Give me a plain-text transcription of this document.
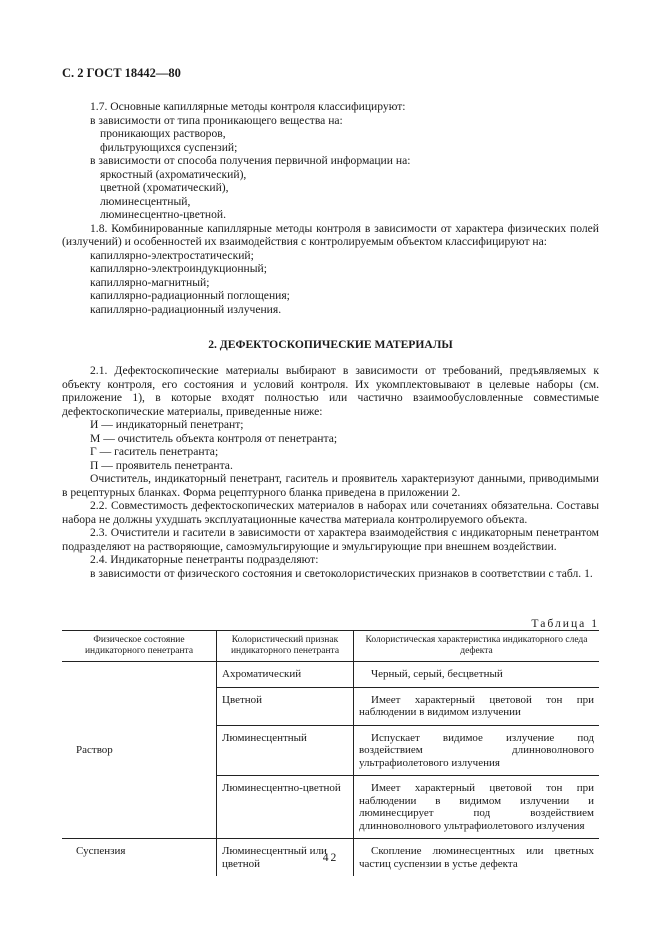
С. 2 ГОСТ 18442—80

1.7. Основные капиллярные методы контроля классифицируют:

в зависимости от типа проникающего вещества на:

проникающих растворов,

фильтрующихся суспензий;

в зависимости от способа получения первичной информации на:

яркостный (ахроматический),

цветной (хроматический),

люминесцентный,

люминесцентно-цветной.

1.8. Комбинированные капиллярные методы контроля в зависимости от характера физических полей (излучений) и особенностей их взаимодействия с контролируемым объектом классифицируют на:

капиллярно-электростатический;

капиллярно-электроиндукционный;

капиллярно-магнитный;

капиллярно-радиационный поглощения;

капиллярно-радиационный излучения.

2. ДЕФЕКТОСКОПИЧЕСКИЕ МАТЕРИАЛЫ

2.1. Дефектоскопические материалы выбирают в зависимости от требований, предъявляемых к объекту контроля, его состояния и условий контроля. Их укомплектовывают в целевые наборы (см. приложение 1), в которые входят полностью или частично взаимообусловленные совместимые дефектоскопические материалы, приведенные ниже:

И — индикаторный пенетрант;

М — очиститель объекта контроля от пенетранта;

Г — гаситель пенетранта;

П — проявитель пенетранта.

Очиститель, индикаторный пенетрант, гаситель и проявитель характеризуют данными, приводимыми в рецептурных бланках. Форма рецептурного бланка приведена в приложении 2.

2.2. Совместимость дефектоскопических материалов в наборах или сочетаниях обязательна. Составы набора не должны ухудшать эксплуатационные качества материала контролируемого объекта.

2.3. Очистители и гасители в зависимости от характера взаимодействия с индикаторным пенетрантом подразделяют на растворяющие, самоэмульгирующие и эмульгирующие при внешнем воздействии.

2.4. Индикаторные пенетранты подразделяют:

в зависимости от физического состояния и светоколористических признаков в соответствии с табл. 1.

Таблица 1
Физическое состояние индикаторного пенетранта	Колористический признак индикаторного пенетранта	Колористическая характеристика индикаторного следа дефекта
Раствор	Ахроматический	Черный, серый, бесцветный
	Цветной	Имеет характерный цветовой тон при наблюдении в видимом излучении
	Люминесцентный	Испускает видимое излучение под воздействием длинноволнового ультрафиолетового излучения
	Люминесцентно-цветной	Имеет характерный цветовой тон при наблюдении в видимом излучении и люминесцирует под воздействием длинноволнового ультрафиолетового излучения
Суспензия	Люминесцентный или цветной	Скопление люминесцентных или цветных частиц суспензии в устье дефекта
42
